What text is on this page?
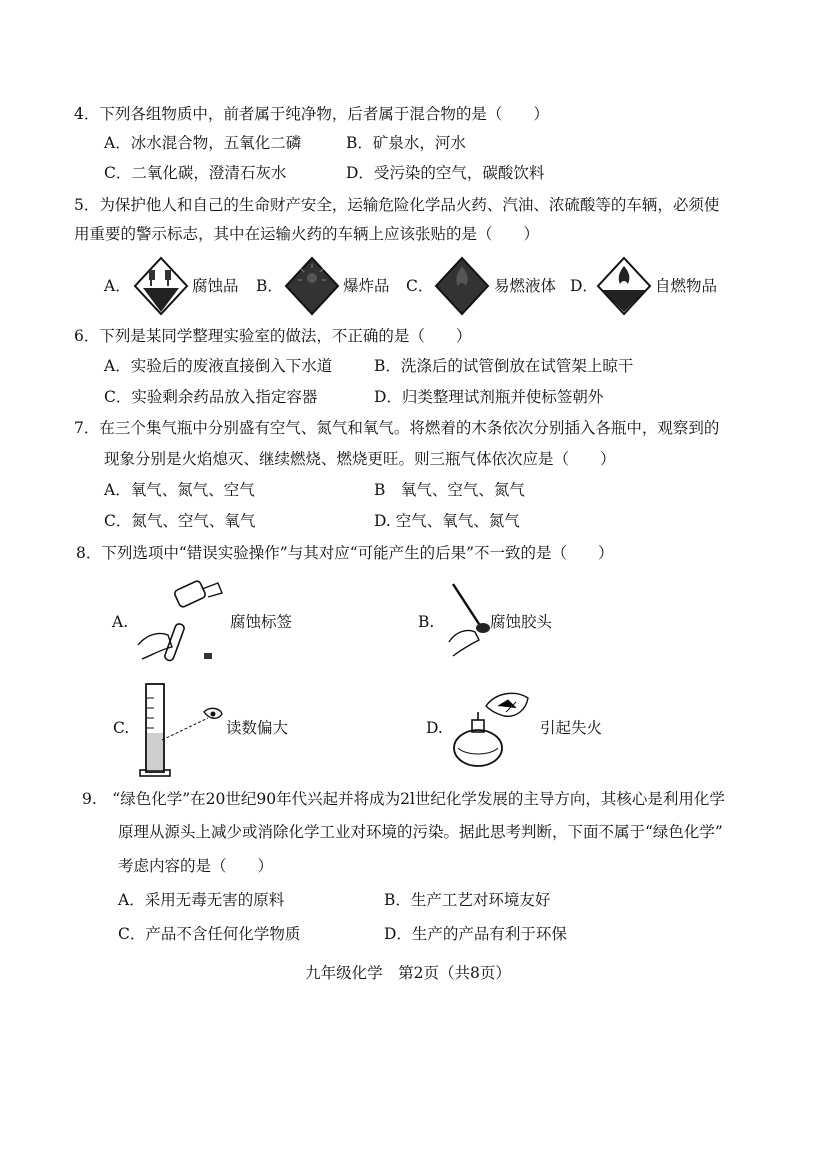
4．下列各组物质中，前者属于纯净物，后者属于混合物的是（　　）
A．冰水混合物，五氧化二磷	B．矿泉水，河水
C．二氧化碳，澄清石灰水	D．受污染的空气，碳酸饮料
5．为保护他人和自己的生命财产安全，运输危险化学品火药、汽油、浓硫酸等的车辆，必须使
用重要的警示标志，其中在运输火药的车辆上应该张贴的是（　　）
A．	腐蚀品 B．	爆炸品 C．	易燃液体 D．	自燃物品
6．下列是某同学整理实验室的做法，不正确的是（　　）
A．实验后的废液直接倒入下水道	B．洗涤后的试管倒放在试管架上晾干
C．实验剩余药品放入指定容器	D．归类整理试剂瓶并使标签朝外
7．在三个集气瓶中分别盛有空气、氮气和氧气。将燃着的木条依次分别插入各瓶中，观察到的
现象分别是火焰熄灭、继续燃烧、燃烧更旺。则三瓶气体依次应是（　　）
A．氧气、氮气、空气	B　氧气、空气、氮气
C．氮气、空气、氧气	D. 空气、氧气、氮气
8．下列选项中“错误实验操作”与其对应“可能产生的后果”不一致的是（　　）
A.	腐蚀标签	B.	腐蚀胶头
C.	读数偏大	D.	引起失火
9.　“绿色化学”在20世纪90年代兴起并将成为2l世纪化学发展的主导方向，其核心是利用化学
原理从源头上减少或消除化学工业对环境的污染。据此思考判断，下面不属于“绿色化学”
考虑内容的是（　　）
A．采用无毒无害的原料	B．生产工艺对环境友好
C．产品不含任何化学物质	D．生产的产品有利于环保
九年级化学　第2页（共8页）
